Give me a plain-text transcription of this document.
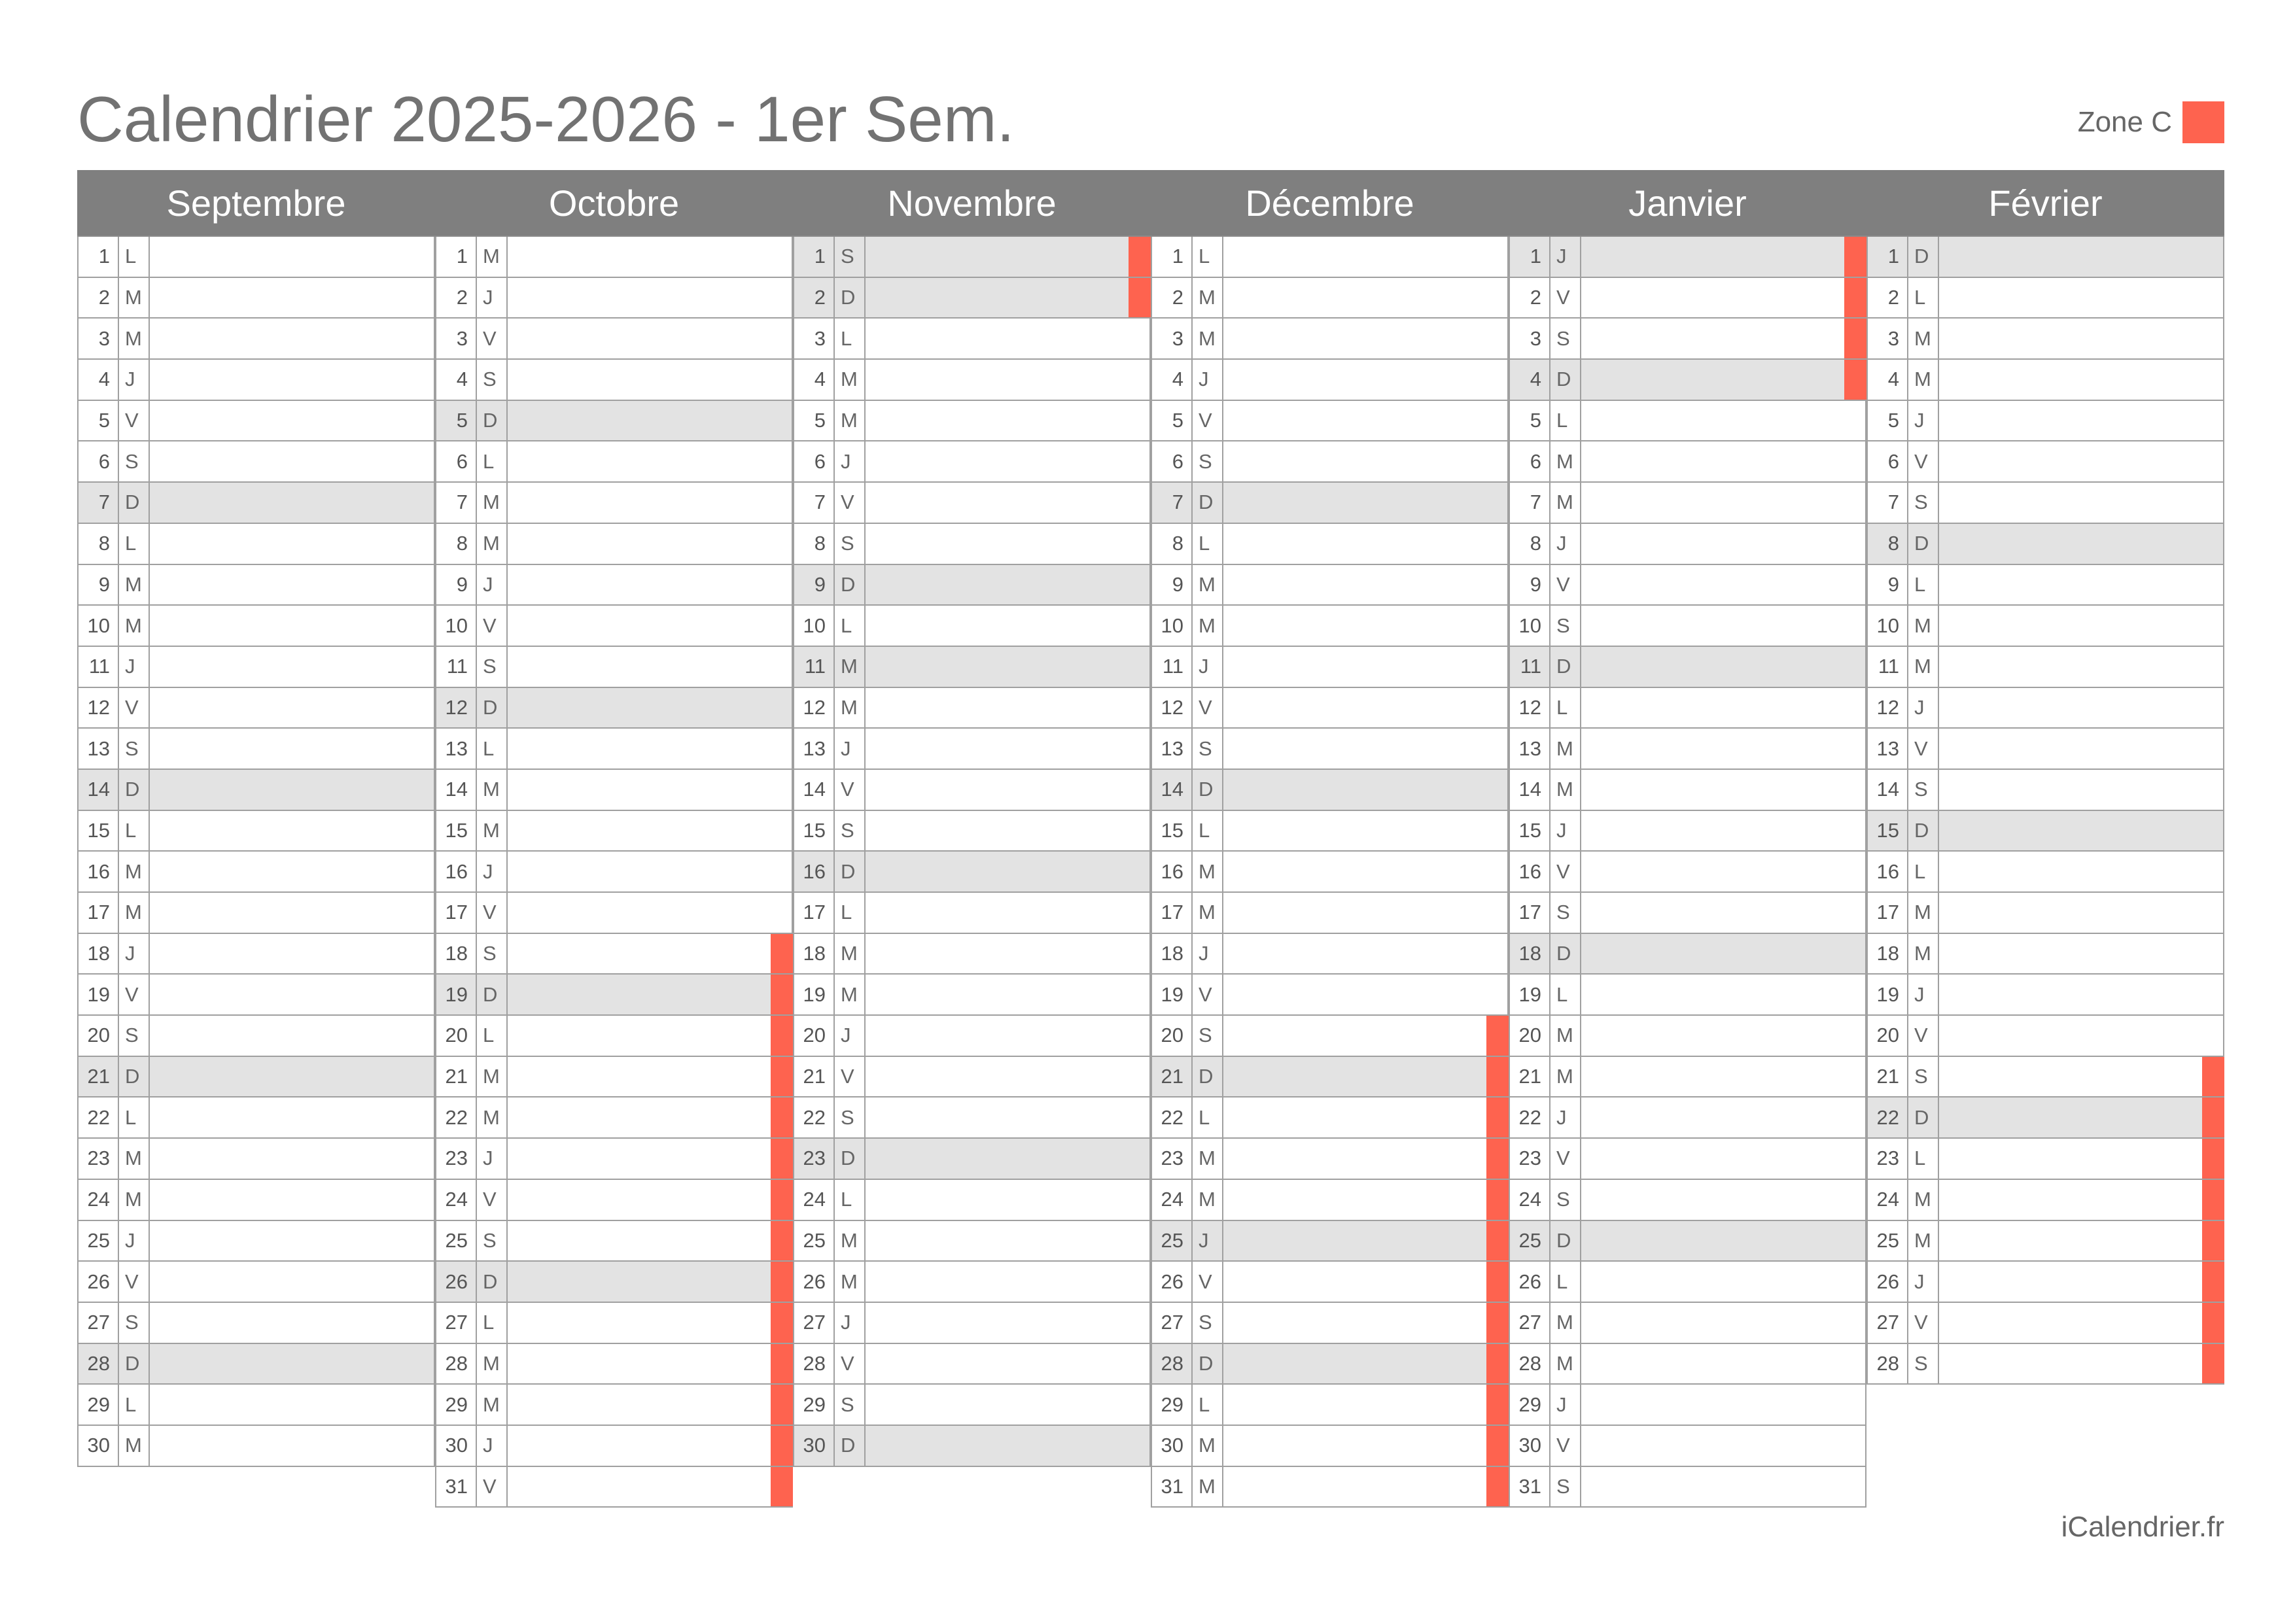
Calendrier 2025-2026 - 1er Sem.	Zone C
Septembre
1 L
2 M
3 M
4 J
5 V
6 S
7 D
8 L
9 M
10 M
11 J
12 V
13 S
14 D
15 L
16 M
17 M
18 J
19 V
20 S
21 D
22 L
23 M
24 M
25 J
26 V
27 S
28 D
29 L
30 M
Octobre
1 M
2 J
3 V
4 S
5 D
6 L
7 M
8 M
9 J
10 V
11 S
12 D
13 L
14 M
15 M
16 J
17 V
18 S
19 D
20 L
21 M
22 M
23 J
24 V
25 S
26 D
27 L
28 M
29 M
30 J
31 V
Novembre
1 S
2 D
3 L
4 M
5 M
6 J
7 V
8 S
9 D
10 L
11 M
12 M
13 J
14 V
15 S
16 D
17 L
18 M
19 M
20 J
21 V
22 S
23 D
24 L
25 M
26 M
27 J
28 V
29 S
30 D
Décembre
1 L
2 M
3 M
4 J
5 V
6 S
7 D
8 L
9 M
10 M
11 J
12 V
13 S
14 D
15 L
16 M
17 M
18 J
19 V
20 S
21 D
22 L
23 M
24 M
25 J
26 V
27 S
28 D
29 L
30 M
31 M
Janvier
1 J
2 V
3 S
4 D
5 L
6 M
7 M
8 J
9 V
10 S
11 D
12 L
13 M
14 M
15 J
16 V
17 S
18 D
19 L
20 M
21 M
22 J
23 V
24 S
25 D
26 L
27 M
28 M
29 J
30 V
31 S
Février
1 D
2 L
3 M
4 M
5 J
6 V
7 S
8 D
9 L
10 M
11 M
12 J
13 V
14 S
15 D
16 L
17 M
18 M
19 J
20 V
21 S
22 D
23 L
24 M
25 M
26 J
27 V
28 S
iCalendrier.fr
